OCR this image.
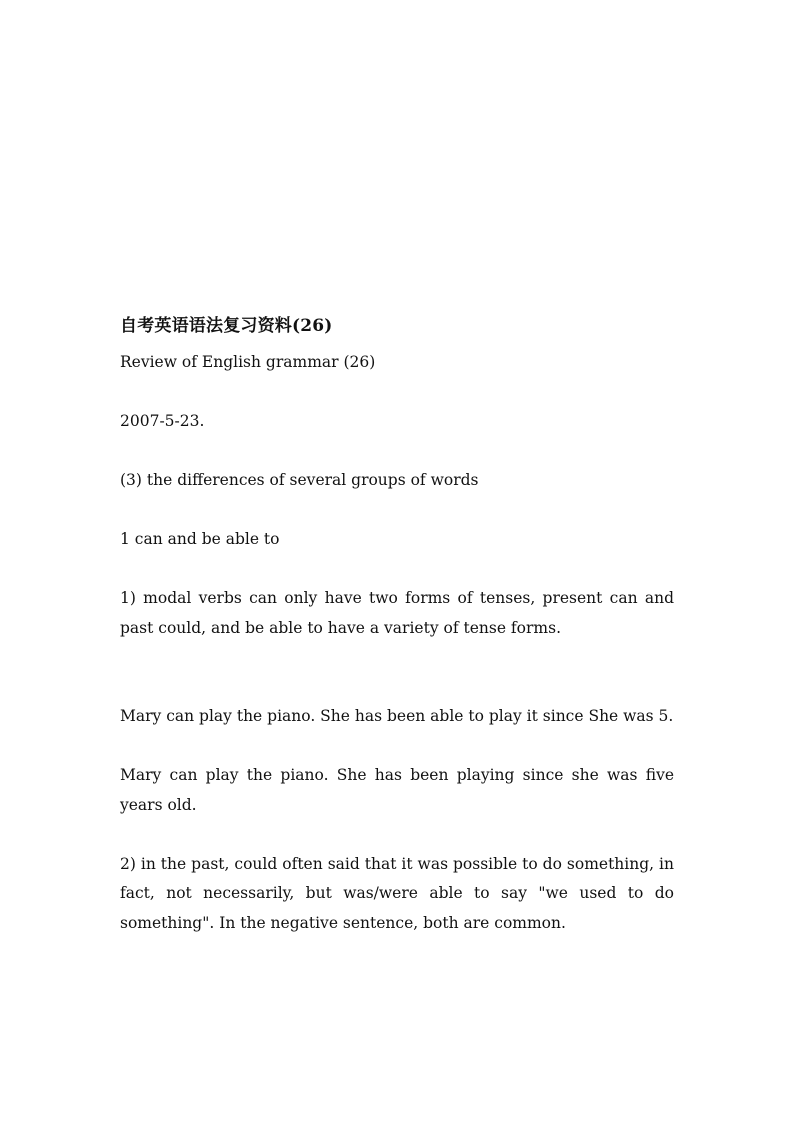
自考英语语法复习资料(26)

Review of English grammar (26)

2007-5-23.

(3) the differences of several groups of words

1 can and be able to

1) modal verbs can only have two forms of tenses, present can and past could, and be able to have a variety of tense forms.

Mary can play the piano. She has been able to play it since She was 5.

Mary can play the piano. She has been playing since she was five years old.

2) in the past, could often said that it was possible to do something, in fact, not necessarily, but was/were able to say "we used to do something". In the negative sentence, both are common.
